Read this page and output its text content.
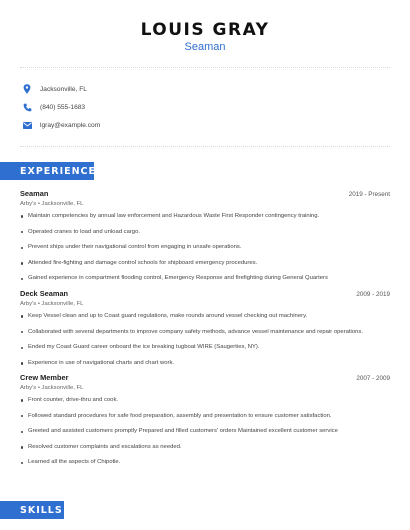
LOUIS GRAY
Seaman
Jacksonville, FL
(840) 555-1683
lgray@example.com
EXPERIENCE
Seaman	2019 - Present
Arby's • Jacksonville, FL
Maintain competencies by annual law enforcement and Hazardous Waste First Responder contingency training.
Operated cranes to load and unload cargo.
Prevent ships under their navigational control from engaging in unsafe operations.
Attended fire-fighting and damage control schools for shipboard emergency procedures.
Gained experience in compartment flooding control, Emergency Response and firefighting during General Quarters
Deck Seaman	2009 - 2019
Arby's • Jacksonville, FL
Keep Vessel clean and up to Coast guard regulations, make rounds around vessel checking out machinery.
Collaborated with several departments to improve company safety methods, advance vessel maintenance and repair operations.
Ended my Coast Guard career onboard the ice breaking tugboat WIRE (Saugerties, NY).
Experience in use of navigational charts and chart work.
Crew Member	2007 - 2009
Arby's • Jacksonville, FL
Front counter, drive-thru and cook.
Followed standard procedures for safe food preparation, assembly and presentation to ensure customer satisfaction.
Greeted and assisted customers promptly Prepared and filled customers' orders Maintained excellent customer service
Resolved customer complaints and escalations as needed.
Learned all the aspects of Chipotle.
SKILLS
